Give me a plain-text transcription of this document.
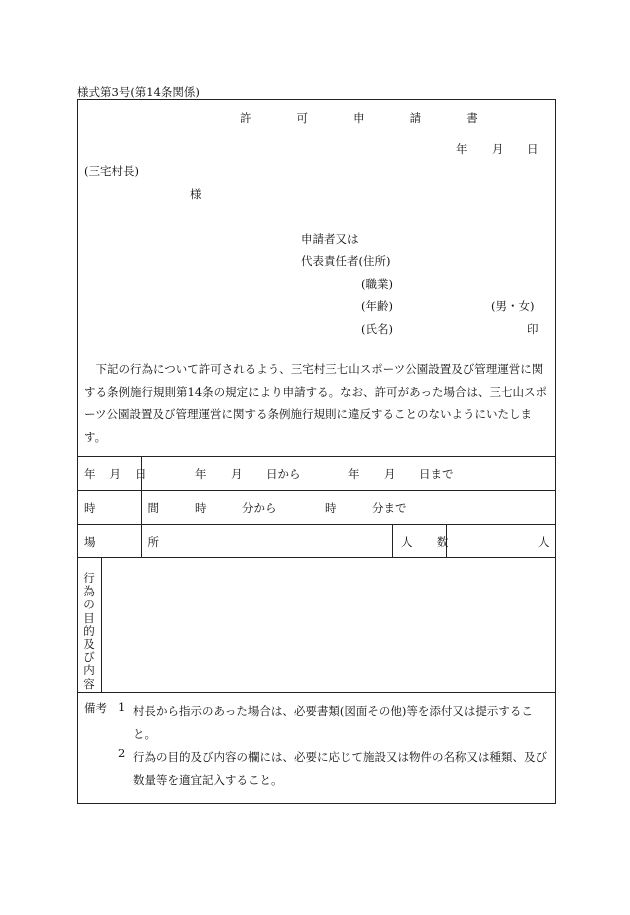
様式第3号(第14条関係)
許 可 申 請 書
年 月 日
(三宅村長)
様
申請者又は
代表責任者(住所)
(職業)
(年齢)	(男・女)
(氏名)	印
下記の行為について許可されるよう、三宅村三七山スポーツ公園設置及び管理運営に関する条例施行規則第14条の規定により申請する。なお、許可があった場合は、三七山スポーツ公園設置及び管理運営に関する条例施行規則に違反することのないようにいたします。
年 月 日	年 月 日から	年 月 日まで
時 間 時	分から	時	分まで
場 所	人 数	人
行為の目的及び内容
備考 1 村長から指示のあった場合は、必要書類(図面その他)等を添付又は提示すること。
2 行為の目的及び内容の欄には、必要に応じて施設又は物件の名称又は種類、及び数量等を適宜記入すること。
